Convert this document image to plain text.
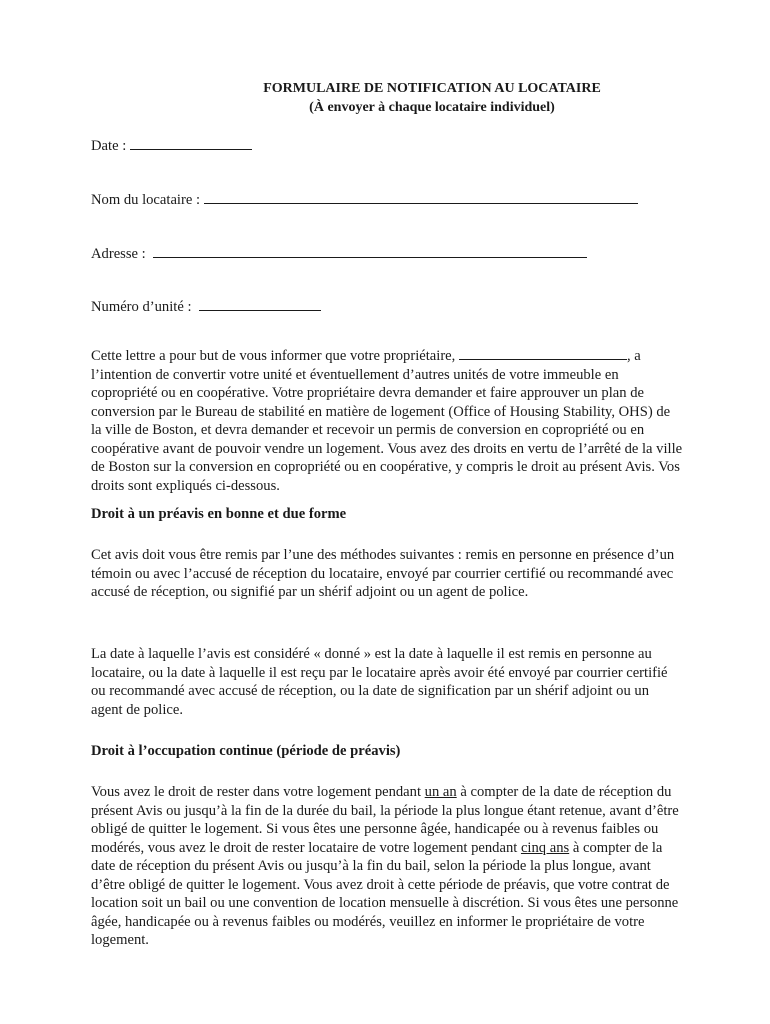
FORMULAIRE DE NOTIFICATION AU LOCATAIRE
(À envoyer à chaque locataire individuel)
Date :
Nom du locataire :
Adresse :
Numéro d’unité :

Cette lettre a pour but de vous informer que votre propriétaire,	, a l’intention de convertir votre unité et éventuellement d’autres unités de votre immeuble en copropriété ou en coopérative. Votre propriétaire devra demander et faire approuver un plan de conversion par le Bureau de stabilité en matière de logement (Office of Housing Stability, OHS) de la ville de Boston, et devra demander et recevoir un permis de conversion en copropriété ou en coopérative avant de pouvoir vendre un logement. Vous avez des droits en vertu de l’arrêté de la ville de Boston sur la conversion en copropriété ou en coopérative, y compris le droit au présent Avis. Vos droits sont expliqués ci-dessous.

Droit à un préavis en bonne et due forme

Cet avis doit vous être remis par l’une des méthodes suivantes : remis en personne en présence d’un témoin ou avec l’accusé de réception du locataire, envoyé par courrier certifié ou recommandé avec accusé de réception, ou signifié par un shérif adjoint ou un agent de police.

La date à laquelle l’avis est considéré « donné » est la date à laquelle il est remis en personne au locataire, ou la date à laquelle il est reçu par le locataire après avoir été envoyé par courrier certifié ou recommandé avec accusé de réception, ou la date de signification par un shérif adjoint ou un agent de police.

Droit à l’occupation continue (période de préavis)

Vous avez le droit de rester dans votre logement pendant un an à compter de la date de réception du présent Avis ou jusqu’à la fin de la durée du bail, la période la plus longue étant retenue, avant d’être obligé de quitter le logement. Si vous êtes une personne âgée, handicapée ou à revenus faibles ou modérés, vous avez le droit de rester locataire de votre logement pendant cinq ans à compter de la date de réception du présent Avis ou jusqu’à la fin du bail, selon la période la plus longue, avant d’être obligé de quitter le logement. Vous avez droit à cette période de préavis, que votre contrat de location soit un bail ou une convention de location mensuelle à discrétion. Si vous êtes une personne âgée, handicapée ou à revenus faibles ou modérés, veuillez en informer le propriétaire de votre logement.
